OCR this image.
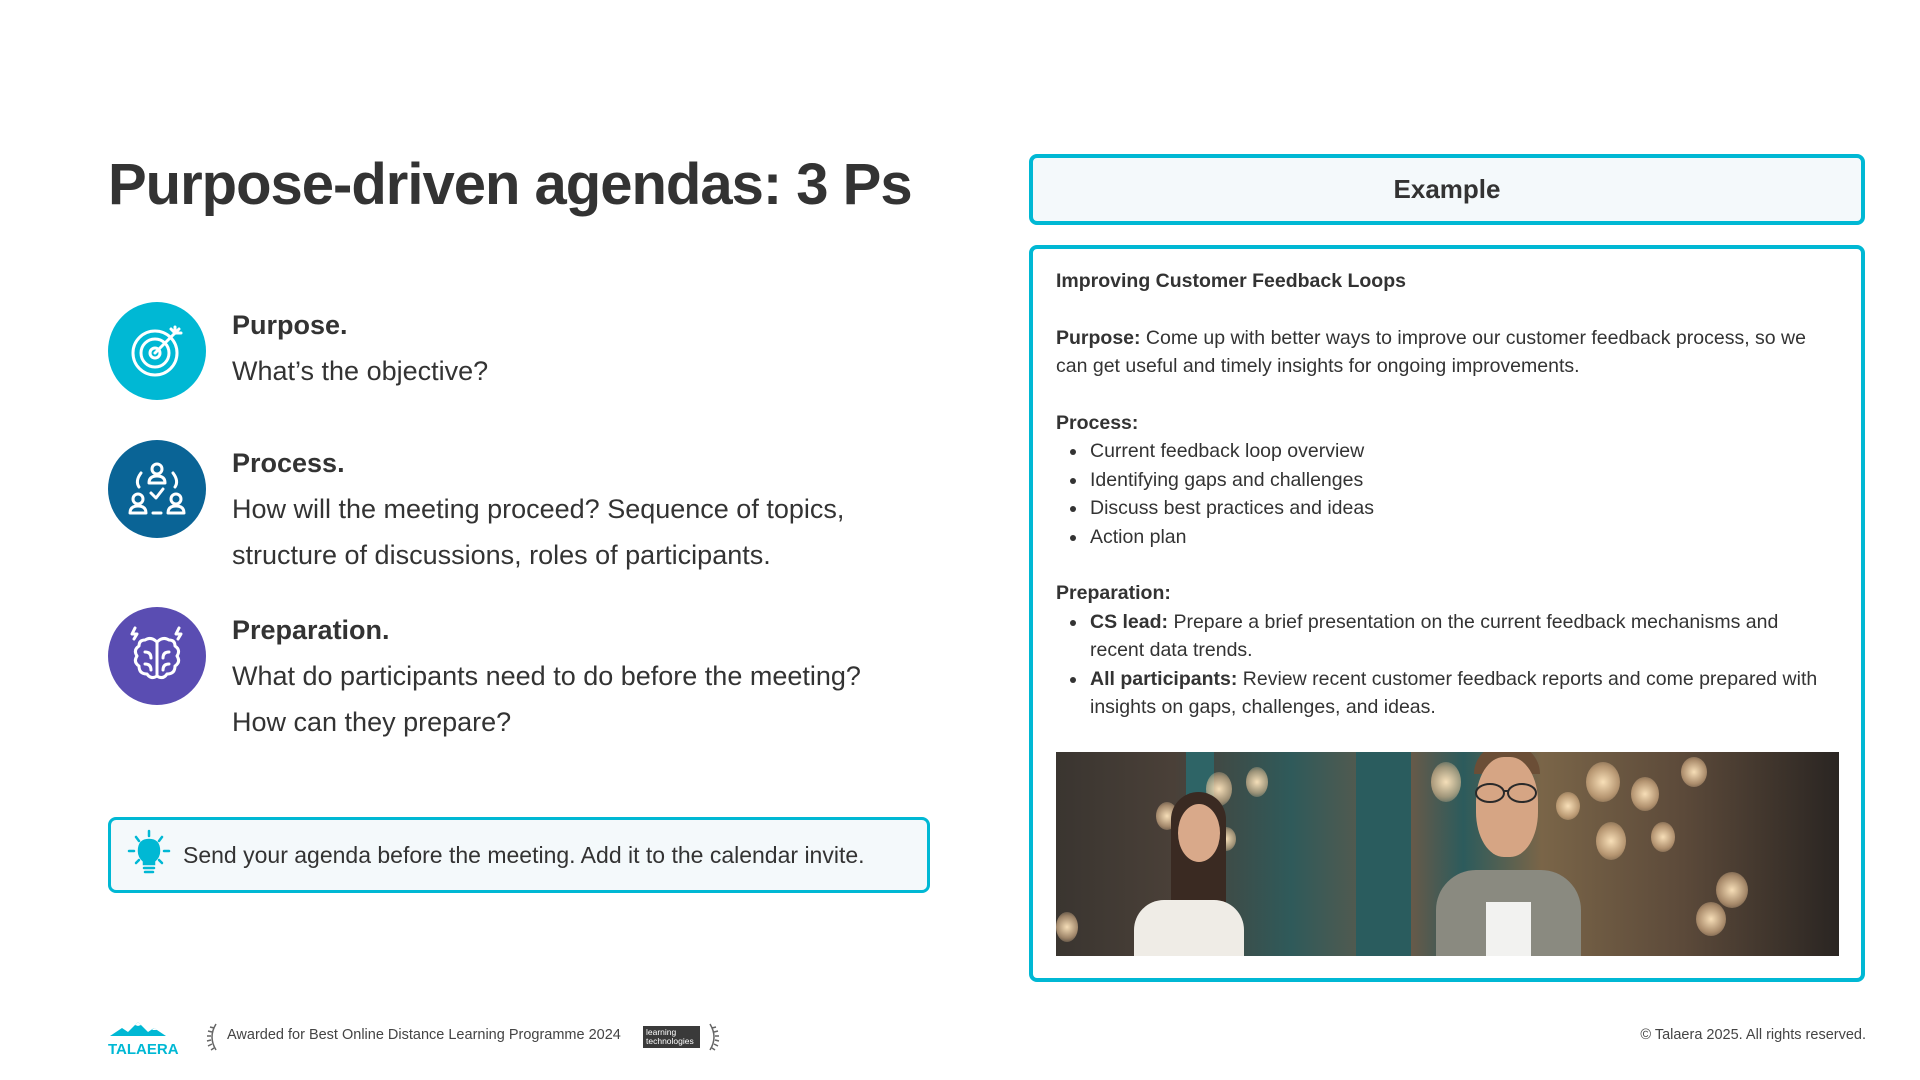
Purpose-driven agendas: 3 Ps
Purpose.
What’s the objective?
Process.
How will the meeting proceed? Sequence of topics,
structure of discussions, roles of participants.
Preparation.
What do participants need to do before the meeting?
How can they prepare?
Send your agenda before the meeting. Add it to the calendar invite.
Example
Improving Customer Feedback Loops
Purpose: Come up with better ways to improve our customer feedback process, so we can get useful and timely insights for ongoing improvements.
Process:
Current feedback loop overview
Identifying gaps and challenges
Discuss best practices and ideas
Action plan
Preparation:
CS lead: Prepare a brief presentation on the current feedback mechanisms and recent data trends.
All participants: Review recent customer feedback reports and come prepared with insights on gaps, challenges, and ideas.
TALAERA
Awarded for Best Online Distance Learning Programme 2024	learning
technologies	© Talaera 2025. All rights reserved.
